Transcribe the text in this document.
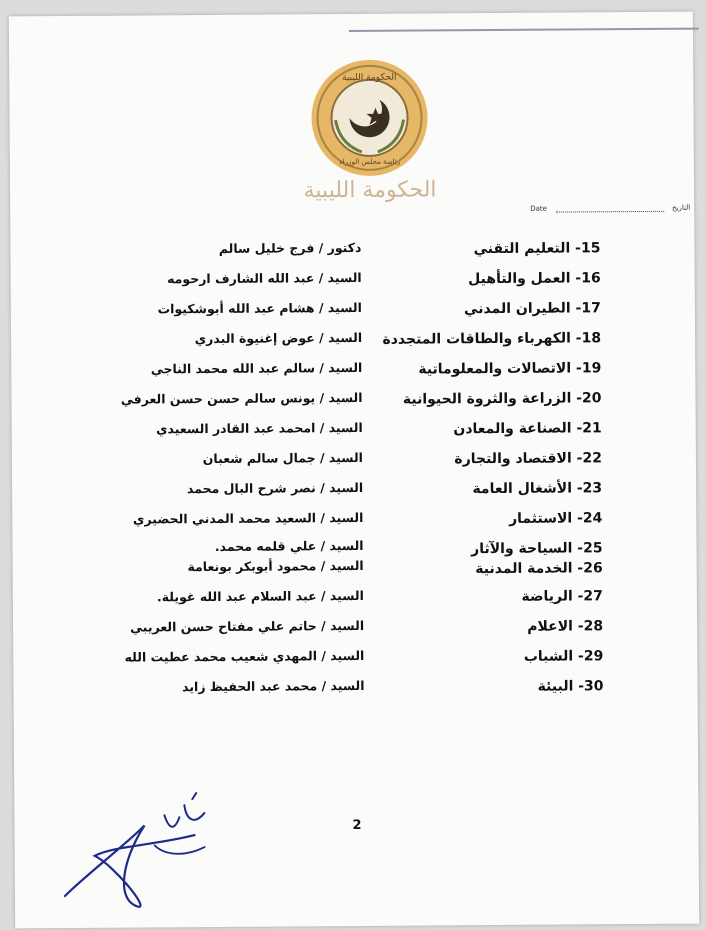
الحكومة الليبية
رئاسة مجلس الوزراء
الحكومة الليبية
Date	التاريخ
15- التعليم التقني
دكتور / فرج خليل سالم
16- العمل والتأهيل
السيد / عبد الله الشارف ارحومه
17- الطيران المدني
السيد / هشام عبد الله أبوشكيوات
18- الكهرباء والطاقات المتجددة
السيد / عوض إغنيوة البدري
19- الاتصالات والمعلوماتية
السيد / سالم عبد الله محمد الناجي
20- الزراعة والثروة الحيوانية
السيد / يونس سالم حسن حسن العرفي
21- الصناعة والمعادن
السيد / امحمد عبد القادر السعيدي
22- الاقتصاد والتجارة
السيد / جمال سالم شعبان
23- الأشغال العامة
السيد / نصر شرح البال محمد
24- الاستثمار
السيد / السعيد محمد المدني الحضيري
25- السياحة والآثار
السيد / علي قلمه محمد.
26- الخدمة المدنية
السيد / محمود أبوبكر بونعامة
27- الرياضة
السيد / عبد السلام عبد الله غويلة.
28- الاعلام
السيد / حاتم علي مفتاح حسن العريبي
29- الشباب
السيد / المهدي شعيب محمد عطيت الله
30- البيئة
السيد / محمد عبد الحفيظ زايد
2
